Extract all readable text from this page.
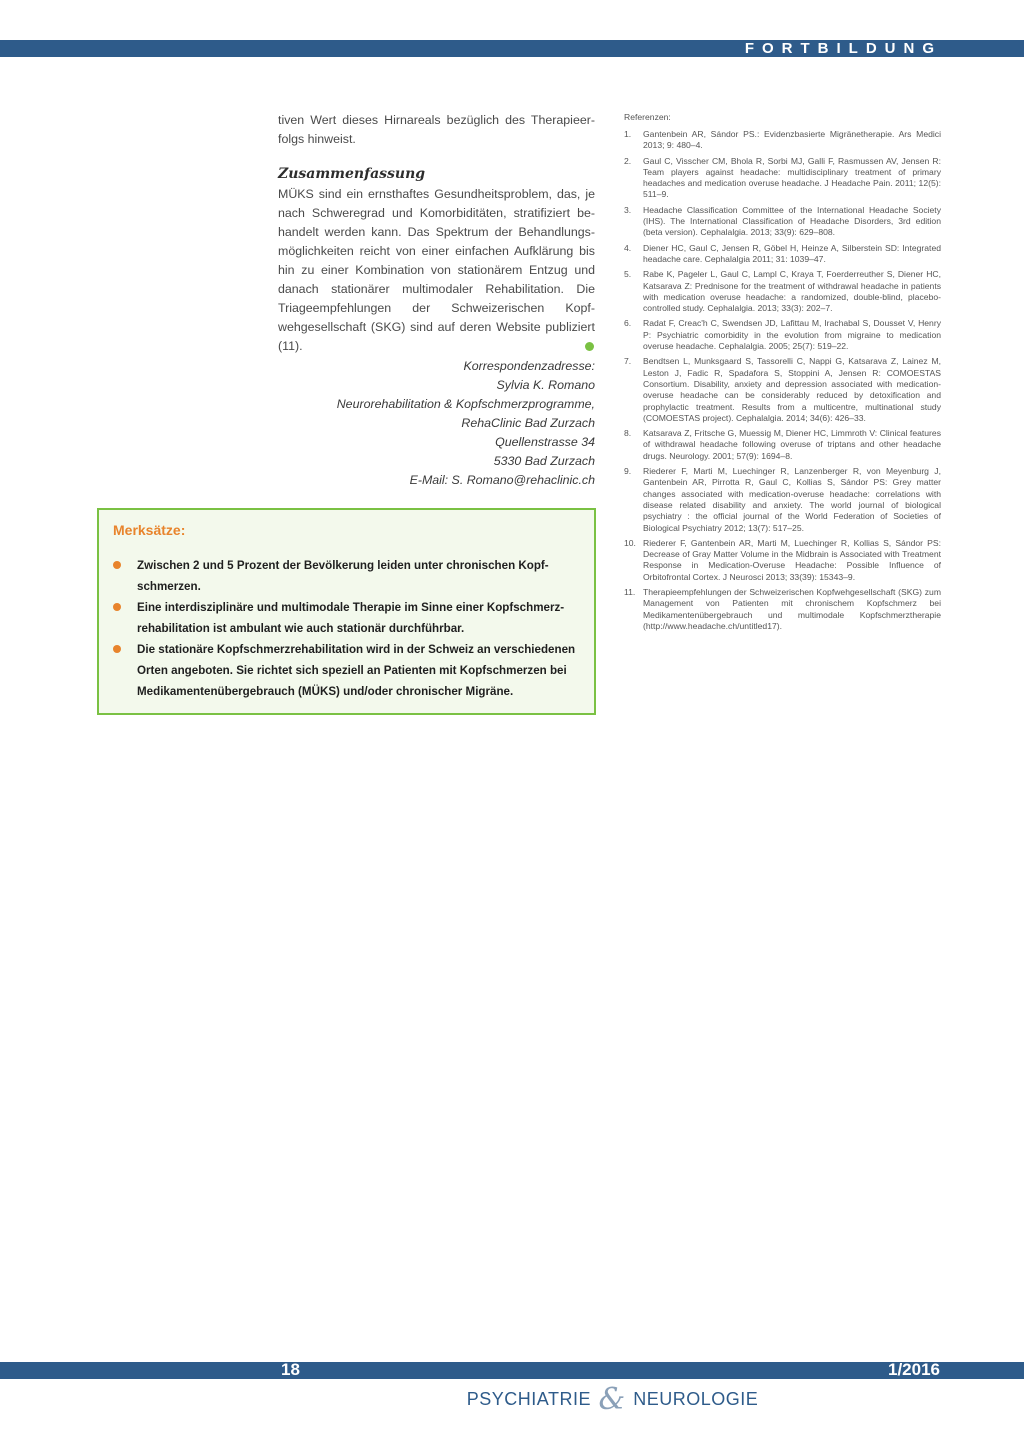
FORTBILDUNG

tiven Wert dieses Hirnareals bezüglich des Therapieerfolgs hinweist.

Zusammenfassung

MÜKS sind ein ernsthaftes Gesundheitsproblem, das, je nach Schweregrad und Komorbiditäten, stratifiziert behandelt werden kann. Das Spektrum der Behandlungsmöglichkeiten reicht von einer einfachen Aufklärung bis hin zu einer Kombination von stationärem Entzug und danach stationärer multimodaler Rehabilitation. Die Triageempfehlungen der Schweizerischen Kopfwehgesellschaft (SKG) sind auf deren Website publiziert (11).

Korrespondenzadresse:
Sylvia K. Romano
Neurorehabilitation & Kopfschmerzprogramme,
RehaClinic Bad Zurzach
Quellenstrasse 34
5330 Bad Zurzach
E-Mail: S. Romano@rehaclinic.ch
Merksätze:
Zwischen 2 und 5 Prozent der Bevölkerung leiden unter chronischen Kopfschmerzen.
Eine interdisziplinäre und multimodale Therapie im Sinne einer Kopfschmerzrehabilitation ist ambulant wie auch stationär durchführbar.
Die stationäre Kopfschmerzrehabilitation wird in der Schweiz an verschiedenen Orten angeboten. Sie richtet sich speziell an Patienten mit Kopfschmerzen bei Medikamentenübergebrauch (MÜKS) und/oder chronischer Migräne.
Referenzen:
1.	Gantenbein AR, Sándor PS.: Evidenzbasierte Migränetherapie. Ars Medici 2013; 9: 480–4.
2.	Gaul C, Visscher CM, Bhola R, Sorbi MJ, Galli F, Rasmussen AV, Jensen R: Team players against headache: multidisciplinary treatment of primary headaches and medication overuse headache. J Headache Pain. 2011; 12(5): 511–9.
3.	Headache Classification Committee of the International Headache Society (IHS). The International Classification of Headache Disorders, 3rd edition (beta version). Cephalalgia. 2013; 33(9): 629–808.
4.	Diener HC, Gaul C, Jensen R, Göbel H, Heinze A, Silberstein SD: Integrated headache care. Cephalalgia 2011; 31: 1039–47.
5.	Rabe K, Pageler L, Gaul C, Lampl C, Kraya T, Foerderreuther S, Diener HC, Katsarava Z: Prednisone for the treatment of withdrawal headache in patients with medication overuse headache: a randomized, double-blind, placebo-controlled study. Cephalalgia. 2013; 33(3): 202–7.
6.	Radat F, Creac'h C, Swendsen JD, Lafittau M, Irachabal S, Dousset V, Henry P: Psychiatric comorbidity in the evolution from migraine to medication overuse headache. Cephalalgia. 2005; 25(7): 519–22.
7.	Bendtsen L, Munksgaard S, Tassorelli C, Nappi G, Katsarava Z, Lainez M, Leston J, Fadic R, Spadafora S, Stoppini A, Jensen R: COMOESTAS Consortium. Disability, anxiety and depression associated with medication-overuse headache can be considerably reduced by detoxification and prophylactic treatment. Results from a multicentre, multinational study (COMOESTAS project). Cephalalgia. 2014; 34(6): 426–33.
8.	Katsarava Z, Fritsche G, Muessig M, Diener HC, Limmroth V: Clinical features of withdrawal headache following overuse of triptans and other headache drugs. Neurology. 2001; 57(9): 1694–8.
9.	Riederer F, Marti M, Luechinger R, Lanzenberger R, von Meyenburg J, Gantenbein AR, Pirrotta R, Gaul C, Kollias S, Sándor PS: Grey matter changes associated with medication-overuse headache: correlations with disease related disability and anxiety. The world journal of biological psychiatry : the official journal of the World Federation of Societies of Biological Psychiatry 2012; 13(7): 517–25.
10. Riederer F, Gantenbein AR, Marti M, Luechinger R, Kollias S, Sándor PS: Decrease of Gray Matter Volume in the Midbrain is Associated with Treatment Response in Medication-Overuse Headache: Possible Influence of Orbitofrontal Cortex. J Neurosci 2013; 33(39): 15343–9.
11. Therapieempfehlungen der Schweizerischen Kopfwehgesellschaft (SKG) zum Management von Patienten mit chronischem Kopfschmerz bei Medikamentenübergebrauch und multimodale Kopfschmerztherapie (http://www.headache.ch/untitled17).
18	1/2016
PSYCHIATRIE & NEUROLOGIE
